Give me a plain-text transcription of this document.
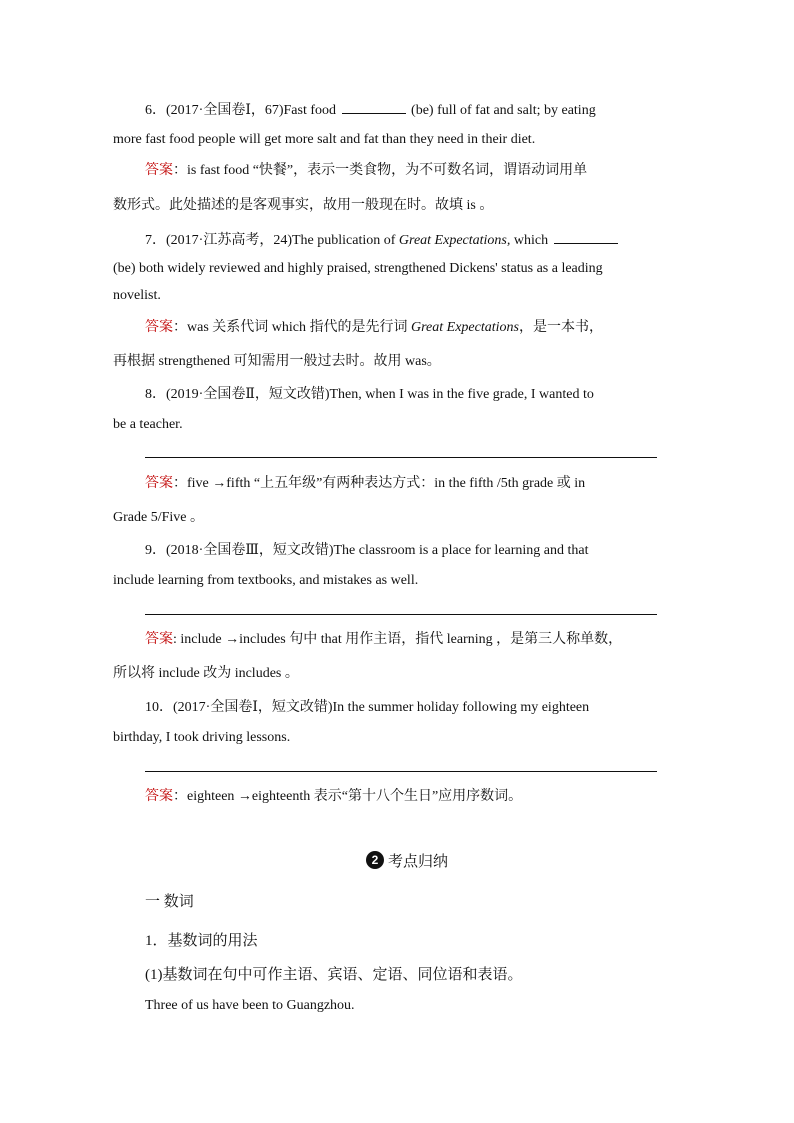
6．(2017·全国卷Ⅰ，67)Fast food	(be) full of fat and salt; by eating
more fast food people will get more salt and fat than they need in their diet.
答案：is fast food “快餐”，表示一类食物，为不可数名词，谓语动词用单
数形式。此处描述的是客观事实，故用一般现在时。故填 is 。
7．(2017·江苏高考，24)The publication of Great Expectations, which
(be) both widely reviewed and highly praised, strengthened Dickens' status as a leading
novelist.
答案：was 关系代词 which 指代的是先行词 Great Expectations，是一本书，
再根据 strengthened 可知需用一般过去时。故用 was。
8．(2019·全国卷Ⅱ，短文改错)Then, when I was in the five grade, I wanted to
be a teacher.
答案：five →fifth “上五年级”有两种表达方式：in the fifth /5th grade 或 in
Grade 5/Five 。
9．(2018·全国卷Ⅲ，短文改错)The classroom is a place for learning and that
include learning from textbooks, and mistakes as well.
答案: include →includes 句中 that 用作主语，指代 learning ，是第三人称单数，
所以将 include 改为 includes 。
10．(2017·全国卷Ⅰ，短文改错)In the summer holiday following my eighteen
birthday, I took driving lessons.
答案：eighteen →eighteenth 表示“第十八个生日”应用序数词。
2 考点归纳
一 数词
1．基数词的用法
(1)基数词在句中可作主语、宾语、定语、同位语和表语。
Three of us have been to Guangzhou.
